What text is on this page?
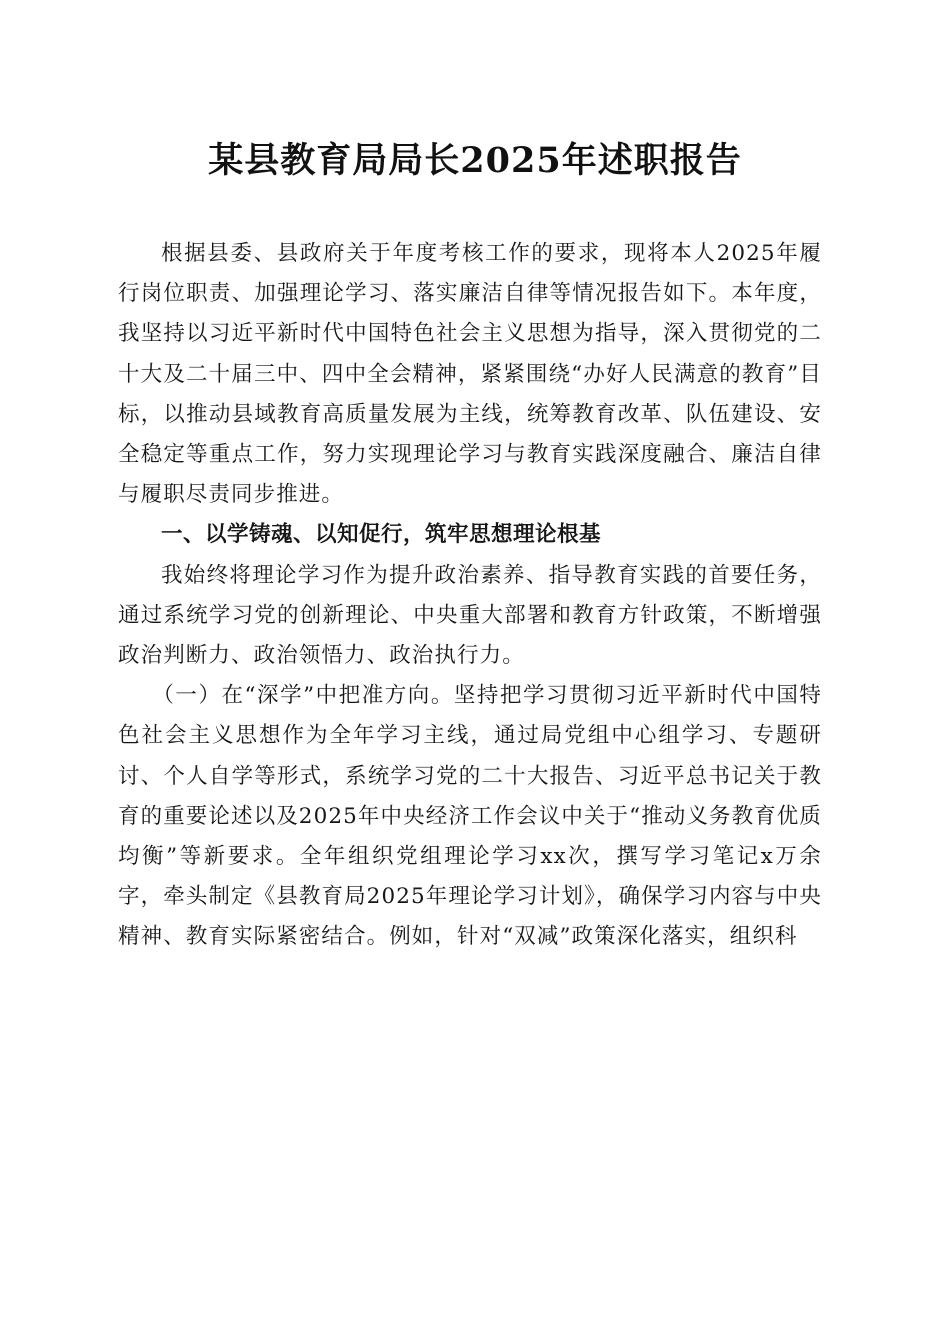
某县教育局局长2025年述职报告

根据县委、县政府关于年度考核工作的要求，现将本人2025年履行岗位职责、加强理论学习、落实廉洁自律等情况报告如下。本年度，我坚持以习近平新时代中国特色社会主义思想为指导，深入贯彻党的二十大及二十届三中、四中全会精神，紧紧围绕“办好人民满意的教育”目标，以推动县域教育高质量发展为主线，统筹教育改革、队伍建设、安全稳定等重点工作，努力实现理论学习与教育实践深度融合、廉洁自律与履职尽责同步推进。

一、以学铸魂、以知促行，筑牢思想理论根基

我始终将理论学习作为提升政治素养、指导教育实践的首要任务，通过系统学习党的创新理论、中央重大部署和教育方针政策，不断增强政治判断力、政治领悟力、政治执行力。

（一）在“深学”中把准方向。坚持把学习贯彻习近平新时代中国特色社会主义思想作为全年学习主线，通过局党组中心组学习、专题研讨、个人自学等形式，系统学习党的二十大报告、习近平总书记关于教育的重要论述以及2025年中央经济工作会议中关于“推动义务教育优质均衡”等新要求。全年组织党组理论学习xx次，撰写学习笔记x万余字，牵头制定《县教育局2025年理论学习计划》，确保学习内容与中央精神、教育实际紧密结合。例如，针对“双减”政策深化落实，组织科
